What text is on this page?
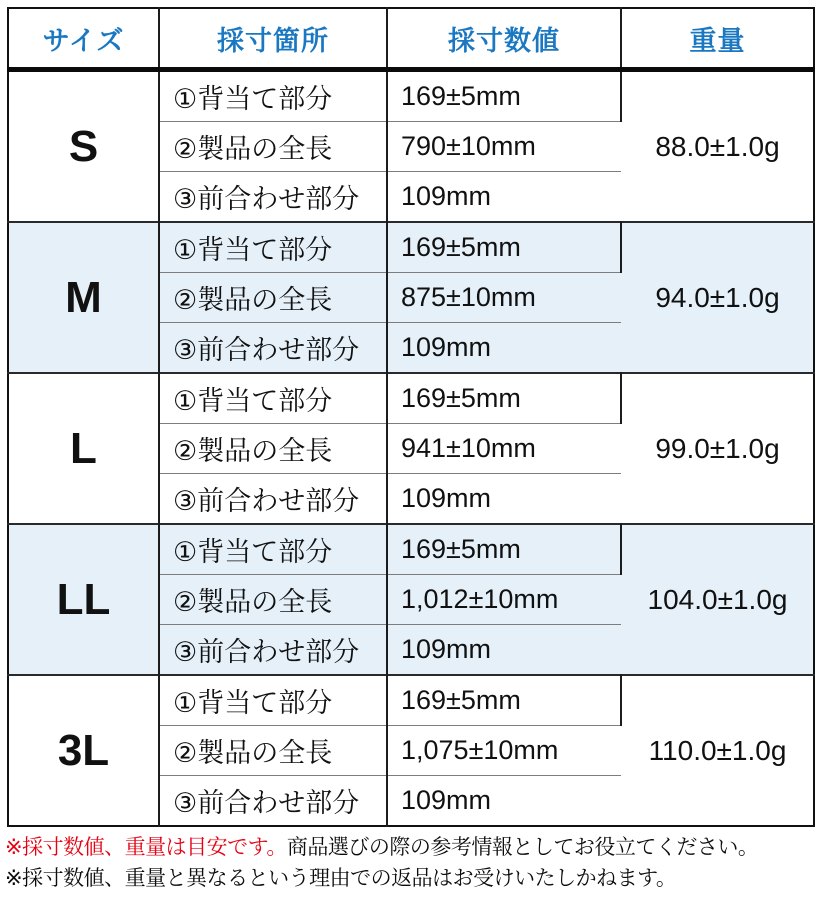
サイズ	採寸箇所	採寸数値	重量
S	①背当て部分	169±5mm	88.0±1.0g
	②製品の全長	790±10mm	
	③前合わせ部分	109mm	
M	①背当て部分	169±5mm	94.0±1.0g
	②製品の全長	875±10mm	
	③前合わせ部分	109mm	
L	①背当て部分	169±5mm	99.0±1.0g
	②製品の全長	941±10mm	
	③前合わせ部分	109mm	
LL	①背当て部分	169±5mm	104.0±1.0g
	②製品の全長	1,012±10mm	
	③前合わせ部分	109mm	
3L	①背当て部分	169±5mm	110.0±1.0g
	②製品の全長	1,075±10mm	
	③前合わせ部分	109mm	
※採寸数値、重量は目安です。商品選びの際の参考情報としてお役立てください。
※採寸数値、重量と異なるという理由での返品はお受けいたしかねます。
